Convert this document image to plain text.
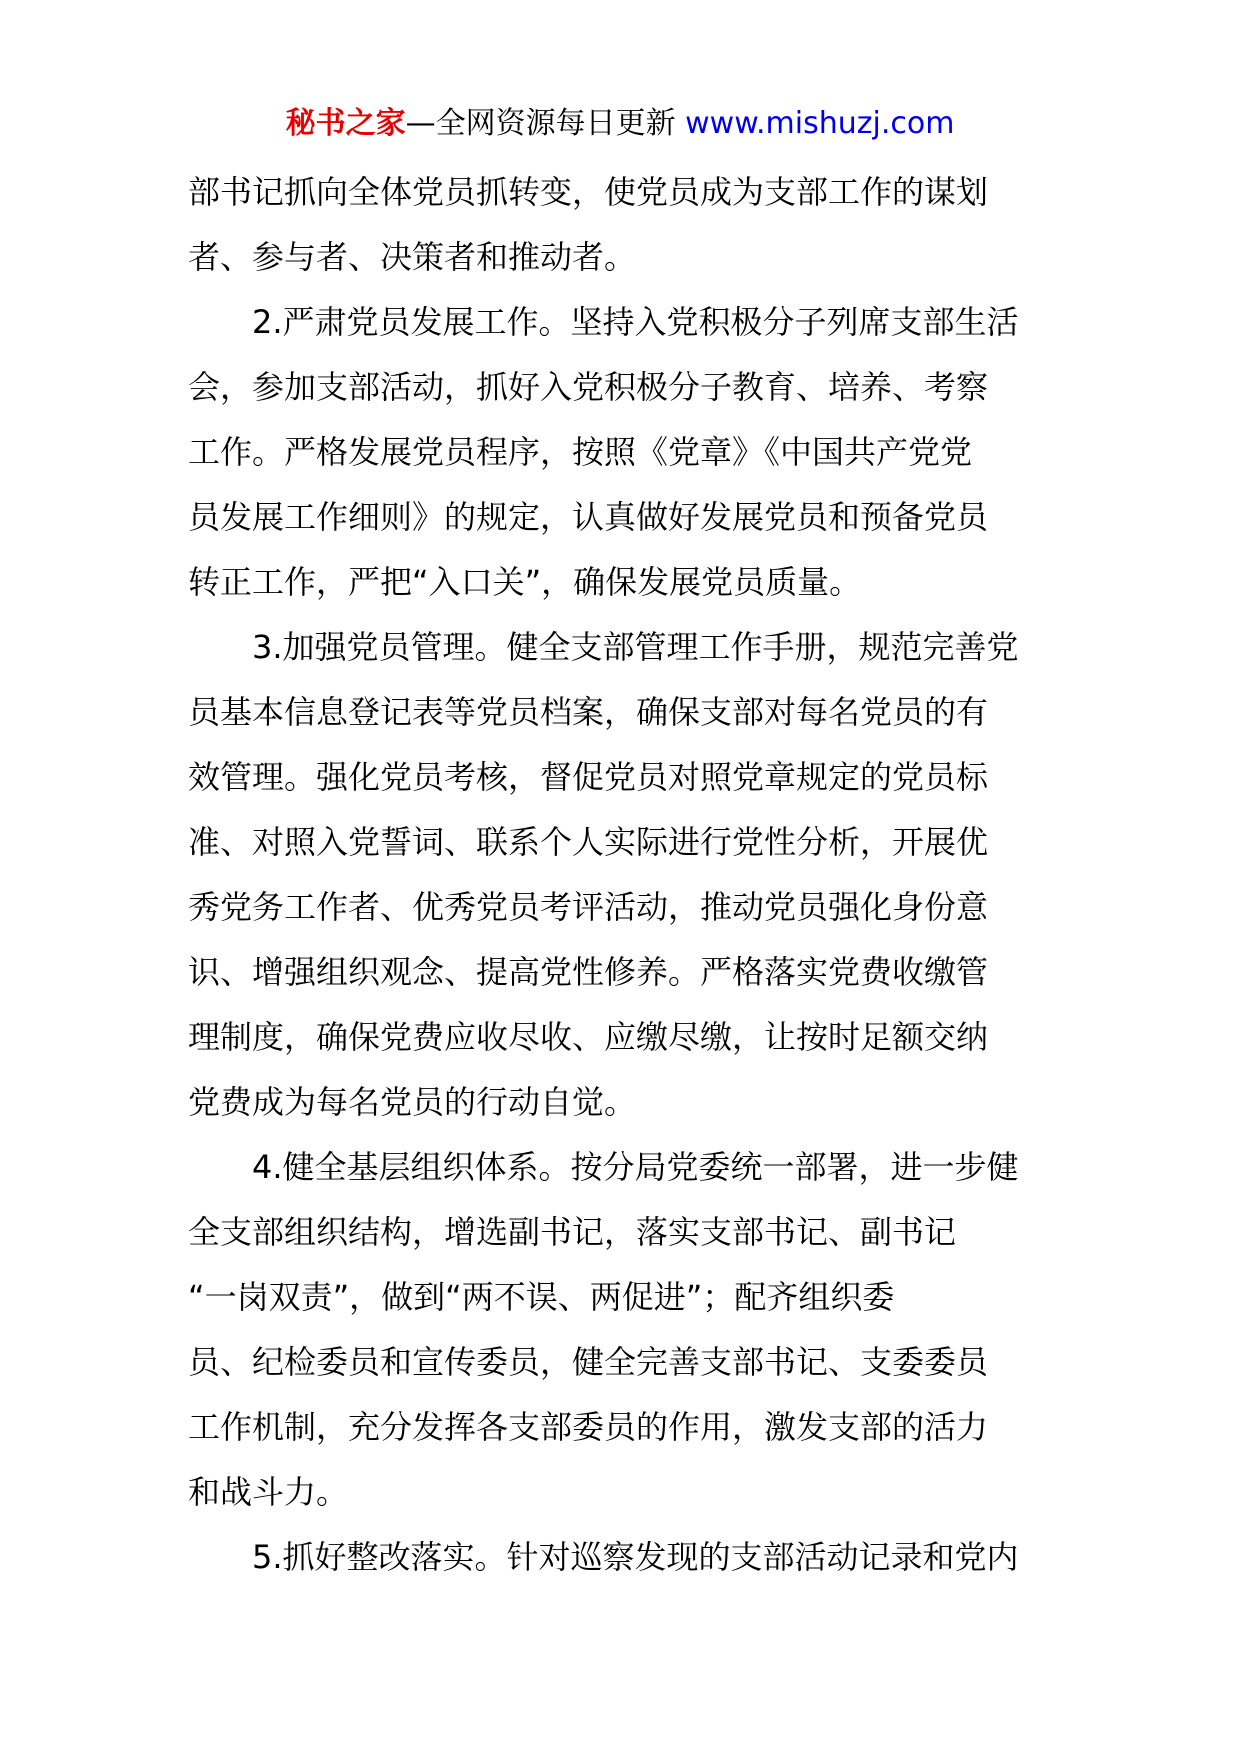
秘书之家—全网资源每日更新 www.mishuzj.com
部书记抓向全体党员抓转变，使党员成为支部工作的谋划
者、参与者、决策者和推动者。
　　2.严肃党员发展工作。坚持入党积极分子列席支部生活
会，参加支部活动，抓好入党积极分子教育、培养、考察
工作。严格发展党员程序，按照《党章》《中国共产党党
员发展工作细则》的规定，认真做好发展党员和预备党员
转正工作，严把“入口关”，确保发展党员质量。
　　3.加强党员管理。健全支部管理工作手册，规范完善党
员基本信息登记表等党员档案，确保支部对每名党员的有
效管理。强化党员考核，督促党员对照党章规定的党员标
准、对照入党誓词、联系个人实际进行党性分析，开展优
秀党务工作者、优秀党员考评活动，推动党员强化身份意
识、增强组织观念、提高党性修养。严格落实党费收缴管
理制度，确保党费应收尽收、应缴尽缴，让按时足额交纳
党费成为每名党员的行动自觉。
　　4.健全基层组织体系。按分局党委统一部署，进一步健
全支部组织结构，增选副书记，落实支部书记、副书记
“一岗双责”，做到“两不误、两促进”；配齐组织委
员、纪检委员和宣传委员，健全完善支部书记、支委委员
工作机制，充分发挥各支部委员的作用，激发支部的活力
和战斗力。
　　5.抓好整改落实。针对巡察发现的支部活动记录和党内
